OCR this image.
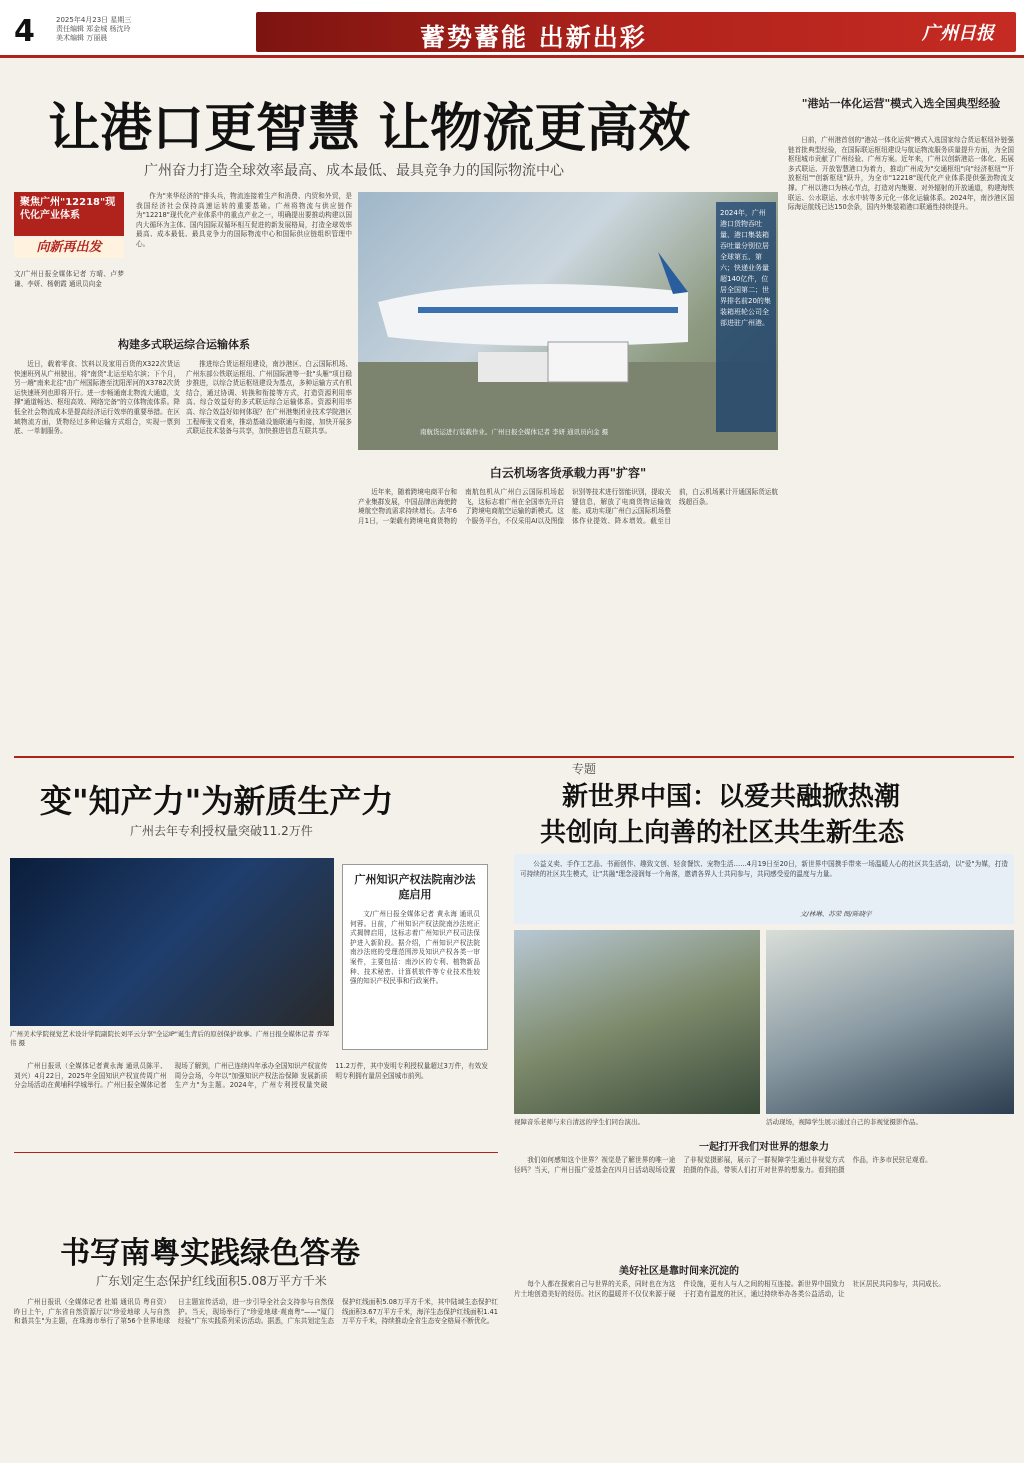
4	2025年4月23日 星期三
责任编辑 郑金城 杨沈玲
美术编辑 万丽晨	蓄势蓄能 出新出彩	广州日报
让港口更智慧 让物流更高效
广州奋力打造全球效率最高、成本最低、最具竞争力的国际物流中心
聚焦广州"12218"现代化产业体系
向新再出发
文/广州日报全媒体记者 方晴、卢梦谦、李妍、杨朝霞 通讯员向金
构建多式联运综合运输体系

近日，载着零食、饮料以及家用百货的X322次货运快速班列从广州驶出，将"南货"北运至哈尔滨；下个月，另一趟"南来北往"由广州国际港至沈阳浑河的X3782次货运快速班列也即将开行。进一步畅通南北物流大通道，支撑"通道畅达、枢纽高效、网络完备"的立体物流体系。降低全社会物流成本是提高经济运行效率的重要举措。在区域物流方面，货物经过多种运输方式组合，实现一票到底、一单制服务。

推进综合货运枢纽建设，南沙港区、白云国际机场、广州东部公铁联运枢纽、广州国际港等一批"头雁"项目稳步推进，以综合货运枢纽建设为基点，多种运输方式有机结合，通过协调、转换和衔接等方式，打造资源利用率高、综合效益好的多式联运综合运输体系。资源利用率高、综合效益好如何体现？在广州港集团业技术学院港区工程师张文看来，推动基础设施联通与衔接，加快开展多式联运技术装备与共享，加快推进信息互联共享。

作为"来华经济的"排头兵，物流连接着生产和消费、内贸和外贸，是我国经济社会保持高速运转的重要基础。广州将物流与供应链作为"12218"现代化产业体系中的重点产业之一，明确提出要推动构建以国内大循环为主体、国内国际双循环相互促进的新发展格局，打造全球效率最高、成本最低、最具竞争力的国际物流中心和国际供应链组织管理中心。

2024年，广州港口货物吞吐量、港口集装箱吞吐量分别位居全球第五、第六；快递业务量超140亿件，位居全国第二；世界排名前20的集装箱班轮公司全部进驻广州港。
南航货运进行装载作业。广州日报全媒体记者 李妍 通讯员向金 摄
白云机场客货承载力再"扩容"

近年来，随着跨境电商平台和产业集群发展，中国品牌出海使跨境航空物流需求持续增长。去年6月1日，一架载有跨境电商货物的南航包机从广州白云国际机场起飞，这标志着广州在全国率先开启了跨境电商航空运输的新模式。这个服务平台，不仅采用AI以及图像识别等技术进行智能识别，提取关键信息，解放了电商货物运输效能。成功实现广州白云国际机场整体作业提效、降本增效。截至目前，白云机场累计开通国际货运航线超百条。

"港站一体化运营"模式入选全国典型经验

日前，广州港首创的"港站一体化运营"模式入选国家综合货运枢纽补链强链首批典型经验，在国际联运枢纽建设与航运物流服务质量提升方面，为全国枢纽城市贡献了广州经验、广州方案。近年来，广州以创新港站一体化、拓展多式联运、开放智慧港口为着力，推动广州成为"交通枢纽"向"经济枢纽""开放枢纽""创新枢纽"跃升，为全市"12218"现代化产业体系提供强劲物流支撑。广州以港口为核心节点，打造对内集聚、对外辐射的开放通道，构建海铁联运、公水联运、水水中转等多元化一体化运输体系。2024年，南沙港区国际海运航线已达150余条，国内外集装箱港口联通性持续提升。

变"知产力"为新质生产力
广州去年专利授权量突破11.2万件
广州美术学院视觉艺术设计学院副院长刘平云分享"全运IP"诞生背后的原创保护故事。广州日报全媒体记者 乔军伟 摄
广州知识产权法院南沙法庭启用

文/广州日报全媒体记者 黄永海 通讯员 何蓉。日前，广州知识产权法院南沙法庭正式揭牌启用，这标志着广州知识产权司法保护进入新阶段。据介绍，广州知识产权法院南沙法庭的受理范围涉及知识产权各类一审案件，主要包括：南沙区的专利、植物新品种、技术秘密、计算机软件等专业技术性较强的知识产权民事和行政案件。

广州日报讯（全媒体记者黄永海 通讯员陈平、刘兴）4月22日，2025年全国知识产权宣传周广州分会场活动在黄埔科学城举行。广州日报全媒体记者现场了解到，广州已连续四年承办全国知识产权宣传周分会场，今年以"加强知识产权法治保障 发展新质生产力"为主题。2024年，广州专利授权量突破11.2万件，其中发明专利授权量超过3万件，有效发明专利拥有量居全国城市前列。

书写南粤实践绿色答卷
广东划定生态保护红线面积5.08万平方千米

广州日报讯（全媒体记者 杜娟 通讯员 粤自资）昨日上午，广东省自然资源厅以"珍爱地球 人与自然和谐共生"为主题，在珠海市举行了第56个世界地球日主题宣传活动，进一步引导全社会支持参与自然保护。当天，现场举行了"珍爱地球·观南粤"——"厦门经验"广东实践系列采访活动。据悉，广东共划定生态保护红线面积5.08万平方千米，其中陆域生态保护红线面积3.67万平方千米，海洋生态保护红线面积1.41万平方千米，持续推动全省生态安全格局不断优化。

专题
新世界中国：以爱共融掀热潮
共创向上向善的社区共生新生态

公益义卖、手作工艺品、书画创作、趣致文创、轻食餐饮、宠物生活……4月19日至20日，新世界中国携手带来一场温暖人心的社区共生活动，以"爱"为媒，打造可持续的社区共生模式，让"共融"理念浸润每一个角落，邀请各界人士共同参与，共同感受爱的温度与力量。

文/林琳、苏荣 图/陈晓宇
视障音乐老师与来自清远的学生们同台演出。	活动现场，视障学生展示通过自己的非视觉摄影作品。
一起打开我们对世界的想象力

我们如何感知这个世界？视觉是了解世界的唯一途径吗？当天，广州日报广爱基金在四月日活动现场设置了非视觉摄影展，展示了一群视障学生通过非视觉方式拍摄的作品，带领人们打开对世界的想象力。看到拍摄作品，许多市民驻足观看。

美好社区是靠时间来沉淀的

每个人都在探索自己与世界的关系，同时也在为这片土地创造美好的经历。社区的温暖并不仅仅来源于硬件设施，更有人与人之间的相互连接。新世界中国致力于打造有温度的社区，通过持续举办各类公益活动，让社区居民共同参与，共同成长。
